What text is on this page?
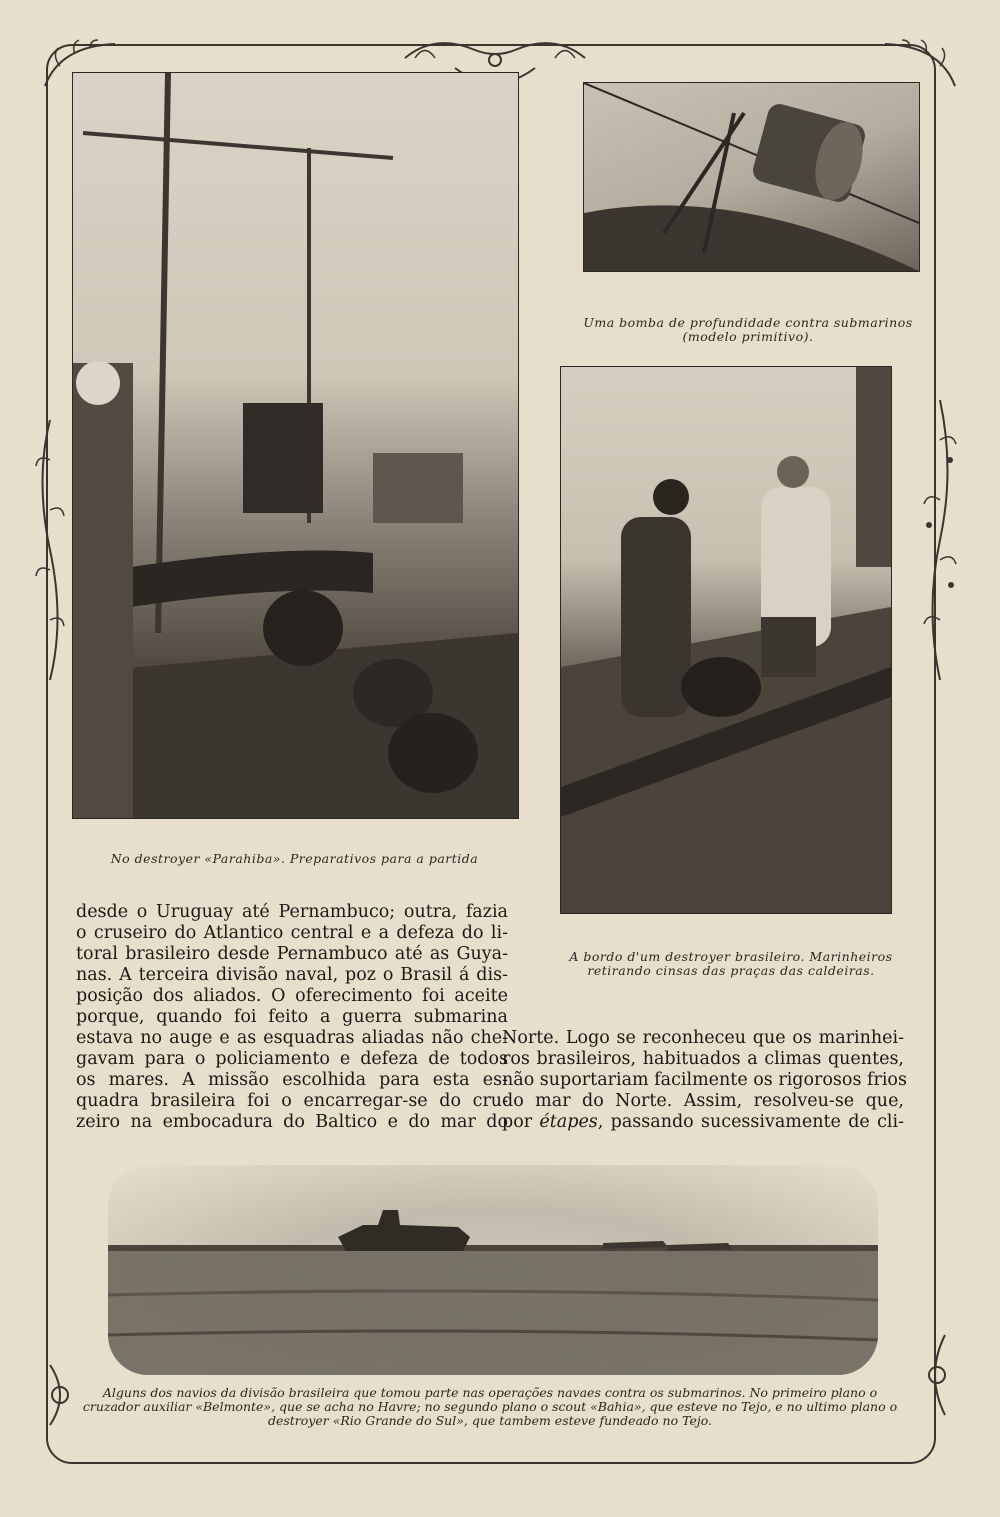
No destroyer «Parahiba». Preparativos para a partida
Uma bomba de profundidade contra submarinos (modelo primitivo).
A bordo d'um destroyer brasileiro. Marinheiros retirando cinsas das praças das caldeiras.
desde o Uruguay até Pernambuco; outra, fazia
o cruseiro do Atlantico central e a defeza do li-
toral brasileiro desde Pernambuco até as Guya-
nas. A terceira divisão naval, poz o Brasil á dis-
posição dos aliados. O oferecimento foi aceite
porque, quando foi feito a guerra submarina
estava no auge e as esquadras aliadas não che-
gavam para o policiamento e defeza de todos
os mares. A missão escolhida para esta es-
quadra brasileira foi o encarregar-se do cru-
zeiro na embocadura do Baltico e do mar do
Norte. Logo se reconheceu que os marinhei-
ros brasileiros, habituados a climas quentes,
não suportariam facilmente os rigorosos frios
do mar do Norte. Assim, resolveu-se que,
por étapes, passando sucessivamente de cli-
Alguns dos navios da divisão brasileira que tomou parte nas operações navaes contra os submarinos. No primeiro plano o cruzador auxiliar «Belmonte», que se acha no Havre; no segundo plano o scout «Bahia», que esteve no Tejo, e no ultimo plano o destroyer «Rio Grande do Sul», que tambem esteve fundeado no Tejo.
